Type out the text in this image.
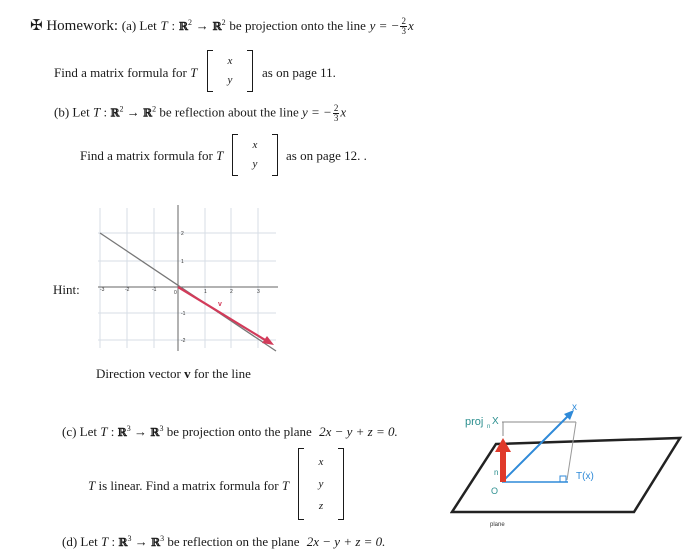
✠ Homework: (a) Let T : ℝ$^2$ → ℝ$^2$ be projection onto the line y = − $\frac{2}{3}$ x
Find a matrix formula for T
x
y	as on page 11.
(b) Let T : ℝ$^2$ → ℝ$^2$ be reflection about the line y = − $\frac{2}{3}$ x
Find a matrix formula for T
x
y
as on page 12. .
Hint:	-3	-2	-1	0	1	2	3
2
1
-1
-2
v
Direction vector v for the line
(c) Let T : ℝ$^3$ → ℝ$^3$ be projection onto the plane 2x − y + z = 0.
T is linear. Find a matrix formula for T
x
y
z
proj n X
x
T(x)
n
O
plane
(d) Let T : ℝ$^3$ → ℝ$^3$ be reflection on the plane 2x − y + z = 0.
